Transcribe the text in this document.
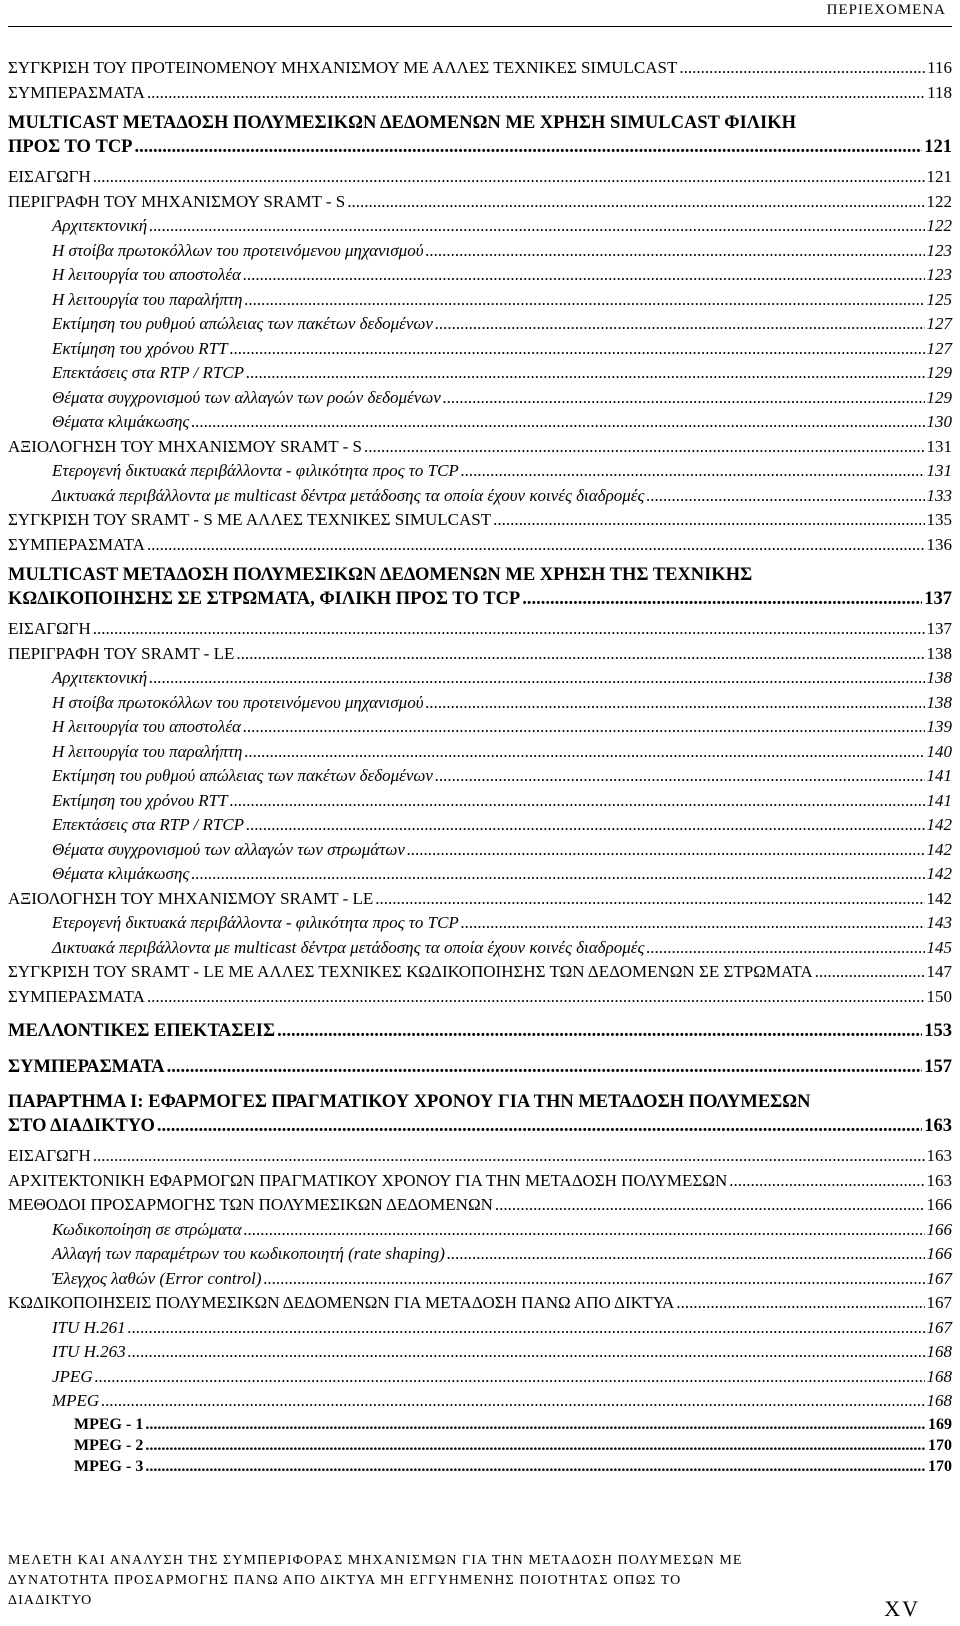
ΠΕΡΙΕΧΟΜΕΝΑ
ΣΥΓΚΡΙΣΗ ΤΟΥ ΠΡΟΤΕΙΝΟΜΕΝΟΥ ΜΗΧΑΝΙΣΜΟΥ ΜΕ ΑΛΛΕΣ ΤΕΧΝΙΚΕΣ SIMULCAST .....	116
ΣΥΜΠΕΡΑΣΜΑΤΑ .....	118
MULTICAST ΜΕΤΑΔΟΣΗ ΠΟΛΥΜΕΣΙΚΩΝ ΔΕΔΟΜΕΝΩΝ ΜΕ ΧΡΗΣΗ SIMULCAST ΦΙΛΙΚΗ
ΠΡΟΣ ΤΟ TCP .....	121
ΕΙΣΑΓΩΓΗ .....	121
ΠΕΡΙΓΡΑΦΗ ΤΟΥ ΜΗΧΑΝΙΣΜΟΥ SRAMT - S .....	122
Αρχιτεκτονική .....	122
Η στοίβα πρωτοκόλλων του προτεινόμενου μηχανισμού .....	123
Η λειτουργία του αποστολέα .....	123
Η λειτουργία του παραλήπτη .....	125
Εκτίμηση του ρυθμού απώλειας των πακέτων δεδομένων .....	127
Εκτίμηση του χρόνου RTT .....	127
Επεκτάσεις στα RTP / RTCP .....	129
Θέματα συγχρονισμού των αλλαγών των ροών δεδομένων .....	129
Θέματα κλιμάκωσης .....	130
ΑΞΙΟΛΟΓΗΣΗ ΤΟΥ ΜΗΧΑΝΙΣΜΟΥ SRAMT - S .....	131
Ετερογενή δικτυακά περιβάλλοντα - φιλικότητα προς το TCP .....	131
Δικτυακά περιβάλλοντα με multicast δέντρα μετάδοσης τα οποία έχουν κοινές διαδρομές .....	133
ΣΥΓΚΡΙΣΗ ΤΟΥ SRAMT - S ΜΕ ΑΛΛΕΣ ΤΕΧΝΙΚΕΣ SIMULCAST .....	135
ΣΥΜΠΕΡΑΣΜΑΤΑ .....	136
MULTICAST ΜΕΤΑΔΟΣΗ ΠΟΛΥΜΕΣΙΚΩΝ ΔΕΔΟΜΕΝΩΝ ΜΕ ΧΡΗΣΗ ΤΗΣ ΤΕΧΝΙΚΗΣ
ΚΩΔΙΚΟΠΟΙΗΣΗΣ ΣΕ ΣΤΡΩΜΑΤΑ, ΦΙΛΙΚΗ ΠΡΟΣ ΤΟ TCP .....	137
ΕΙΣΑΓΩΓΗ .....	137
ΠΕΡΙΓΡΑΦΗ ΤΟΥ SRAMT - LE .....	138
Αρχιτεκτονική .....	138
Η στοίβα πρωτοκόλλων του προτεινόμενου μηχανισμού .....	138
Η λειτουργία του αποστολέα .....	139
Η λειτουργία του παραλήπτη .....	140
Εκτίμηση του ρυθμού απώλειας των πακέτων δεδομένων .....	141
Εκτίμηση του χρόνου RTT .....	141
Επεκτάσεις στα RTP / RTCP .....	142
Θέματα συγχρονισμού των αλλαγών των στρωμάτων .....	142
Θέματα κλιμάκωσης .....	142
ΑΞΙΟΛΟΓΗΣΗ ΤΟΥ ΜΗΧΑΝΙΣΜΟΥ SRAMT - LE .....	142
Ετερογενή δικτυακά περιβάλλοντα - φιλικότητα προς το TCP .....	143
Δικτυακά περιβάλλοντα με multicast δέντρα μετάδοσης τα οποία έχουν κοινές διαδρομές .....	145
ΣΥΓΚΡΙΣΗ ΤΟΥ SRAMT - LE ΜΕ ΑΛΛΕΣ ΤΕΧΝΙΚΕΣ ΚΩΔΙΚΟΠΟΙΗΣΗΣ ΤΩΝ ΔΕΔΟΜΕΝΩΝ ΣΕ ΣΤΡΩΜΑΤΑ .....	147
ΣΥΜΠΕΡΑΣΜΑΤΑ .....	150
ΜΕΛΛΟΝΤΙΚΕΣ ΕΠΕΚΤΑΣΕΙΣ .....	153
ΣΥΜΠΕΡΑΣΜΑΤΑ .....	157
ΠΑΡΑΡΤΗΜΑ Ι: ΕΦΑΡΜΟΓΕΣ ΠΡΑΓΜΑΤΙΚΟΥ ΧΡΟΝΟΥ ΓΙΑ ΤΗΝ ΜΕΤΑΔΟΣΗ ΠΟΛΥΜΕΣΩΝ
ΣΤΟ ΔΙΑΔΙΚΤΥΟ .....	163
ΕΙΣΑΓΩΓΗ .....	163
ΑΡΧΙΤΕΚΤΟΝΙΚΗ ΕΦΑΡΜΟΓΩΝ ΠΡΑΓΜΑΤΙΚΟΥ ΧΡΟΝΟΥ ΓΙΑ ΤΗΝ ΜΕΤΑΔΟΣΗ ΠΟΛΥΜΕΣΩΝ .....	163
ΜΕΘΟΔΟΙ ΠΡΟΣΑΡΜΟΓΗΣ ΤΩΝ ΠΟΛΥΜΕΣΙΚΩΝ ΔΕΔΟΜΕΝΩΝ .....	166
Κωδικοποίηση σε στρώματα .....	166
Αλλαγή των παραμέτρων του κωδικοποιητή (rate shaping) .....	166
Έλεγχος λαθών (Error control) .....	167
ΚΩΔΙΚΟΠΟΙΗΣΕΙΣ ΠΟΛΥΜΕΣΙΚΩΝ ΔΕΔΟΜΕΝΩΝ ΓΙΑ ΜΕΤΑΔΟΣΗ ΠΑΝΩ ΑΠΟ ΔΙΚΤΥΑ .....	167
ITU H.261 .....	167
ITU H.263 .....	168
JPEG .....	168
MPEG .....	168
MPEG - 1 .....	169
MPEG - 2 .....	170
MPEG - 3 .....	170
ΜΕΛΕΤΗ ΚΑΙ ΑΝΑΛΥΣΗ ΤΗΣ ΣΥΜΠΕΡΙΦΟΡΑΣ ΜΗΧΑΝΙΣΜΩΝ ΓΙΑ ΤΗΝ ΜΕΤΑΔΟΣΗ ΠΟΛΥΜΕΣΩΝ ΜΕ
ΔΥΝΑΤΟΤΗΤΑ ΠΡΟΣΑΡΜΟΓΗΣ ΠΑΝΩ ΑΠΟ ΔΙΚΤΥΑ ΜΗ ΕΓΓΥΗΜΕΝΗΣ ΠΟΙΟΤΗΤΑΣ ΟΠΩΣ ΤΟ
ΔΙΑΔΙΚΤΥΟ	XV
